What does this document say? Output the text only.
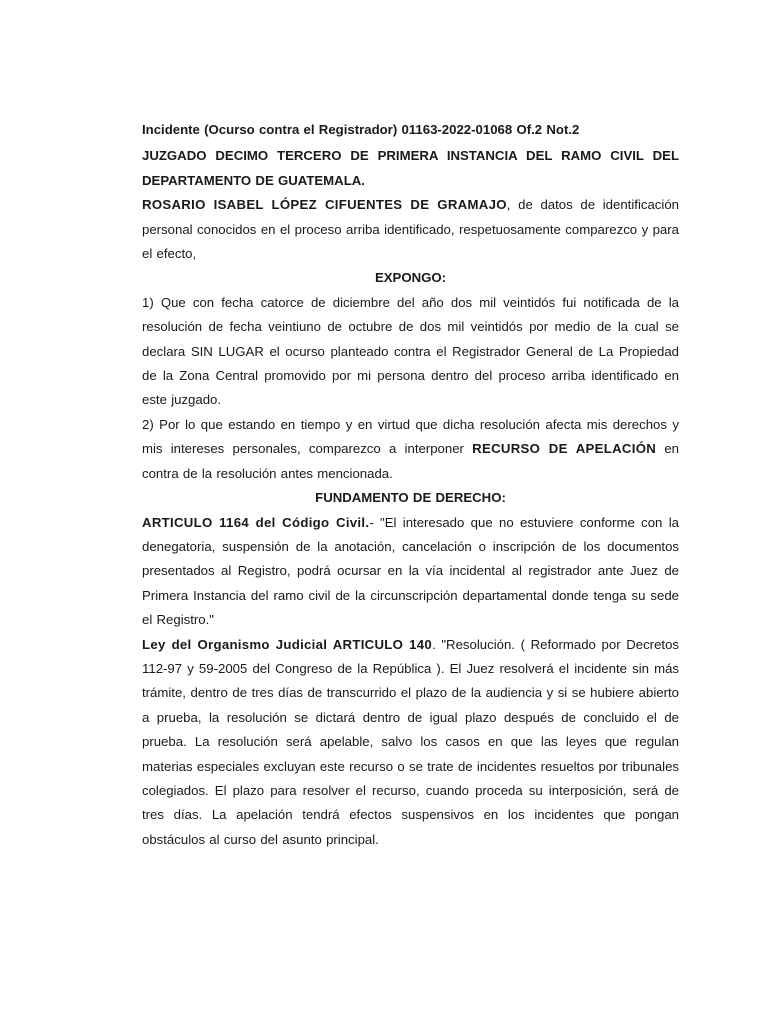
Incidente (Ocurso contra el Registrador) 01163-2022-01068 Of.2 Not.2

JUZGADO DECIMO TERCERO DE PRIMERA INSTANCIA DEL RAMO CIVIL DEL DEPARTAMENTO DE GUATEMALA.

ROSARIO ISABEL LÓPEZ CIFUENTES DE GRAMAJO, de datos de identificación personal conocidos en el proceso arriba identificado, respetuosamente comparezco y para el efecto,

EXPONGO:

1) Que con fecha catorce de diciembre del año dos mil veintidós fui notificada de la resolución de fecha veintiuno de octubre de dos mil veintidós por medio de la cual se declara SIN LUGAR el ocurso planteado contra el Registrador General de La Propiedad de la Zona Central promovido por mi persona dentro del proceso arriba identificado en este juzgado.

2) Por lo que estando en tiempo y en virtud que dicha resolución afecta mis derechos y mis intereses personales, comparezco a interponer RECURSO DE APELACIÓN en contra de la resolución antes mencionada.

FUNDAMENTO DE DERECHO:

ARTICULO 1164 del Código Civil.- "El interesado que no estuviere conforme con la denegatoria, suspensión de la anotación, cancelación o inscripción de los documentos presentados al Registro, podrá ocursar en la vía incidental al registrador ante Juez de Primera Instancia del ramo civil de la circunscripción departamental donde tenga su sede el Registro."

Ley del Organismo Judicial ARTICULO 140. "Resolución. ( Reformado por Decretos 112-97 y 59-2005 del Congreso de la República ). El Juez resolverá el incidente sin más trámite, dentro de tres días de transcurrido el plazo de la audiencia y si se hubiere abierto a prueba, la resolución se dictará dentro de igual plazo después de concluido el de prueba. La resolución será apelable, salvo los casos en que las leyes que regulan materias especiales excluyan este recurso o se trate de incidentes resueltos por tribunales colegiados. El plazo para resolver el recurso, cuando proceda su interposición, será de tres días. La apelación tendrá efectos suspensivos en los incidentes que pongan obstáculos al curso del asunto principal.
